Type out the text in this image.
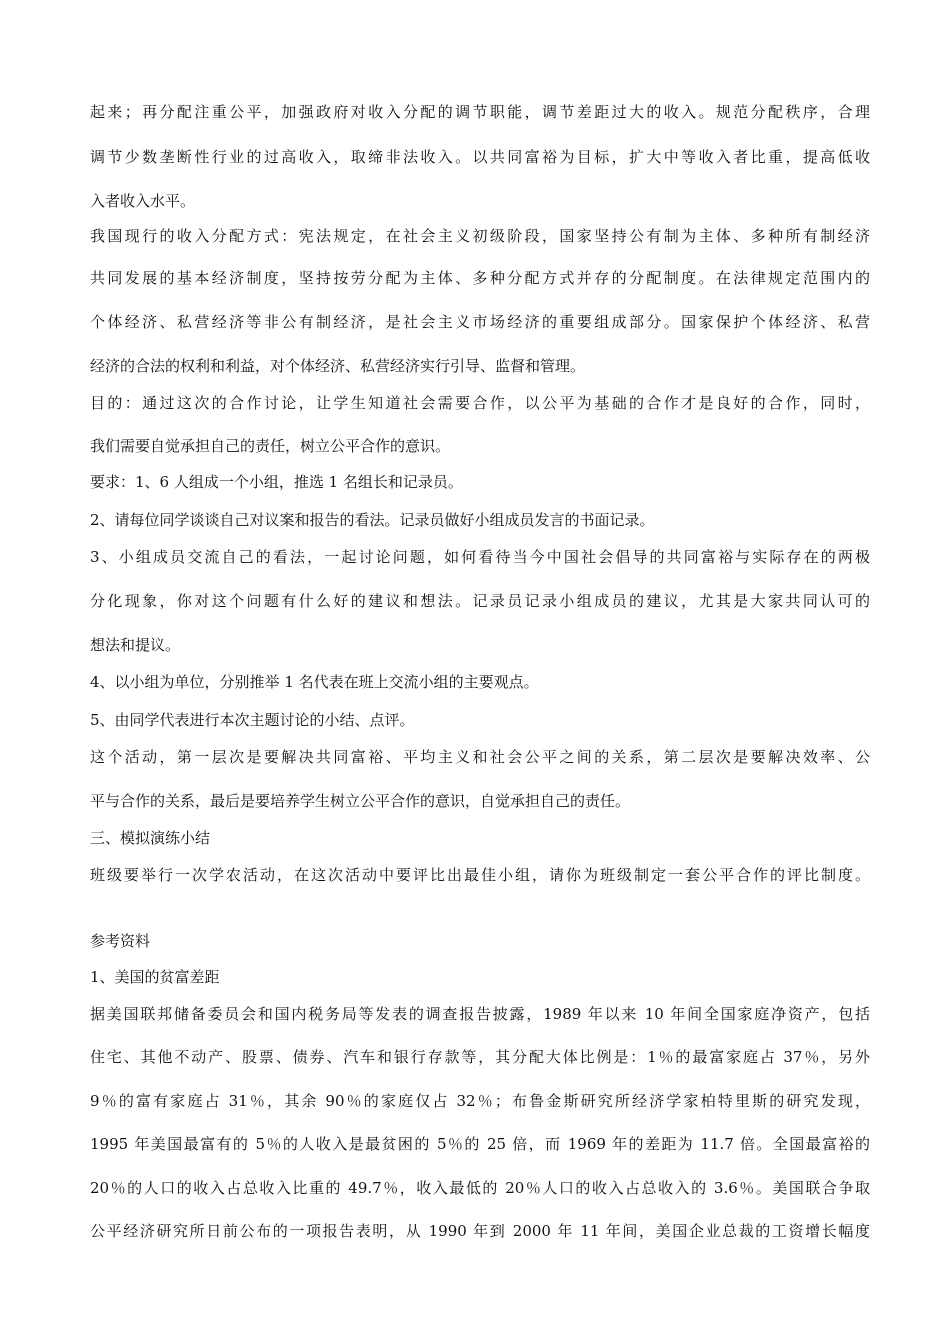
起来；再分配注重公平，加强政府对收入分配的调节职能，调节差距过大的收入。规范分配秩序，合理
调节少数垄断性行业的过高收入，取缔非法收入。以共同富裕为目标，扩大中等收入者比重，提高低收
入者收入水平。
我国现行的收入分配方式：宪法规定，在社会主义初级阶段，国家坚持公有制为主体、多种所有制经济
共同发展的基本经济制度，坚持按劳分配为主体、多种分配方式并存的分配制度。在法律规定范围内的
个体经济、私营经济等非公有制经济，是社会主义市场经济的重要组成部分。国家保护个体经济、私营
经济的合法的权利和利益，对个体经济、私营经济实行引导、监督和管理。
目的：通过这次的合作讨论，让学生知道社会需要合作，以公平为基础的合作才是良好的合作，同时，
我们需要自觉承担自己的责任，树立公平合作的意识。
要求：1、6 人组成一个小组，推选 1 名组长和记录员。
2、请每位同学谈谈自己对议案和报告的看法。记录员做好小组成员发言的书面记录。
3、小组成员交流自己的看法，一起讨论问题，如何看待当今中国社会倡导的共同富裕与实际存在的两极
分化现象，你对这个问题有什么好的建议和想法。记录员记录小组成员的建议，尤其是大家共同认可的
想法和提议。
4、以小组为单位，分别推举 1 名代表在班上交流小组的主要观点。
5、由同学代表进行本次主题讨论的小结、点评。
这个活动，第一层次是要解决共同富裕、平均主义和社会公平之间的关系，第二层次是要解决效率、公
平与合作的关系，最后是要培养学生树立公平合作的意识，自觉承担自己的责任。
三、模拟演练小结
班级要举行一次学农活动，在这次活动中要评比出最佳小组，请你为班级制定一套公平合作的评比制度。
参考资料
1、美国的贫富差距
据美国联邦储备委员会和国内税务局等发表的调查报告披露，1989 年以来 10 年间全国家庭净资产，包括
住宅、其他不动产、股票、债券、汽车和银行存款等，其分配大体比例是：1％的最富家庭占 37％，另外
9％的富有家庭占 31％，其余 90％的家庭仅占 32％；布鲁金斯研究所经济学家柏特里斯的研究发现，
1995 年美国最富有的 5％的人收入是最贫困的 5％的 25 倍，而 1969 年的差距为 11.7 倍。全国最富裕的
20％的人口的收入占总收入比重的 49.7％，收入最低的 20％人口的收入占总收入的 3.6％。美国联合争取
公平经济研究所日前公布的一项报告表明，从 1990 年到 2000 年 11 年间，美国企业总裁的工资增长幅度
